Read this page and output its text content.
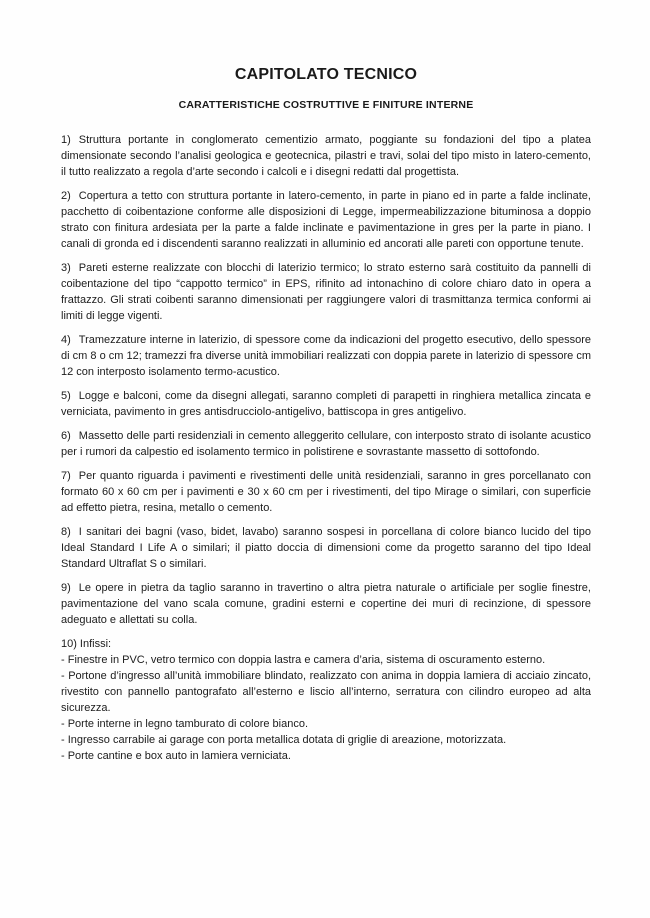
CAPITOLATO TECNICO
CARATTERISTICHE COSTRUTTIVE E FINITURE INTERNE

1) Struttura portante in conglomerato cementizio armato, poggiante su fondazioni del tipo a platea dimensionate secondo l’analisi geologica e geotecnica, pilastri e travi, solai del tipo misto in latero-cemento, il tutto realizzato a regola d’arte secondo i calcoli e i disegni redatti dal progettista.

2) Copertura a tetto con struttura portante in latero-cemento, in parte in piano ed in parte a falde inclinate, pacchetto di coibentazione conforme alle disposizioni di Legge, impermeabilizzazione bituminosa a doppio strato con finitura ardesiata per la parte a falde inclinate e pavimentazione in gres per la parte in piano. I canali di gronda ed i discendenti saranno realizzati in alluminio ed ancorati alle pareti con opportune tenute.

3) Pareti esterne realizzate con blocchi di laterizio termico; lo strato esterno sarà costituito da pannelli di coibentazione del tipo “cappotto termico” in EPS, rifinito ad intonachino di colore chiaro dato in opera a frattazzo. Gli strati coibenti saranno dimensionati per raggiungere valori di trasmittanza termica conformi ai limiti di legge vigenti.

4) Tramezzature interne in laterizio, di spessore come da indicazioni del progetto esecutivo, dello spessore di cm 8 o cm 12; tramezzi fra diverse unità immobiliari realizzati con doppia parete in laterizio di spessore cm 12 con interposto isolamento termo-acustico.

5) Logge e balconi, come da disegni allegati, saranno completi di parapetti in ringhiera metallica zincata e verniciata, pavimento in gres antisdrucciolo-antigelivo, battiscopa in gres antigelivo.

6) Massetto delle parti residenziali in cemento alleggerito cellulare, con interposto strato di isolante acustico per i rumori da calpestio ed isolamento termico in polistirene e sovrastante massetto di sottofondo.

7) Per quanto riguarda i pavimenti e rivestimenti delle unità residenziali, saranno in gres porcellanato con formato 60 x 60 cm per i pavimenti e 30 x 60 cm per i rivestimenti, del tipo Mirage o similari, con superficie ad effetto pietra, resina, metallo o cemento.

8) I sanitari dei bagni (vaso, bidet, lavabo) saranno sospesi in porcellana di colore bianco lucido del tipo Ideal Standard I Life A o similari; il piatto doccia di dimensioni come da progetto saranno del tipo Ideal Standard Ultraflat S o similari.

9) Le opere in pietra da taglio saranno in travertino o altra pietra naturale o artificiale per soglie finestre, pavimentazione del vano scala comune, gradini esterni e copertine dei muri di recinzione, di spessore adeguato e allettati su colla.

10) Infissi:

- Finestre in PVC, vetro termico con doppia lastra e camera d’aria, sistema di oscuramento esterno.

- Portone d’ingresso all’unità immobiliare blindato, realizzato con anima in doppia lamiera di acciaio zincato, rivestito con pannello pantografato all’esterno e liscio all’interno, serratura con cilindro europeo ad alta sicurezza.

- Porte interne in legno tamburato di colore bianco.

- Ingresso carrabile ai garage con porta metallica dotata di griglie di areazione, motorizzata.

- Porte cantine e box auto in lamiera verniciata.
